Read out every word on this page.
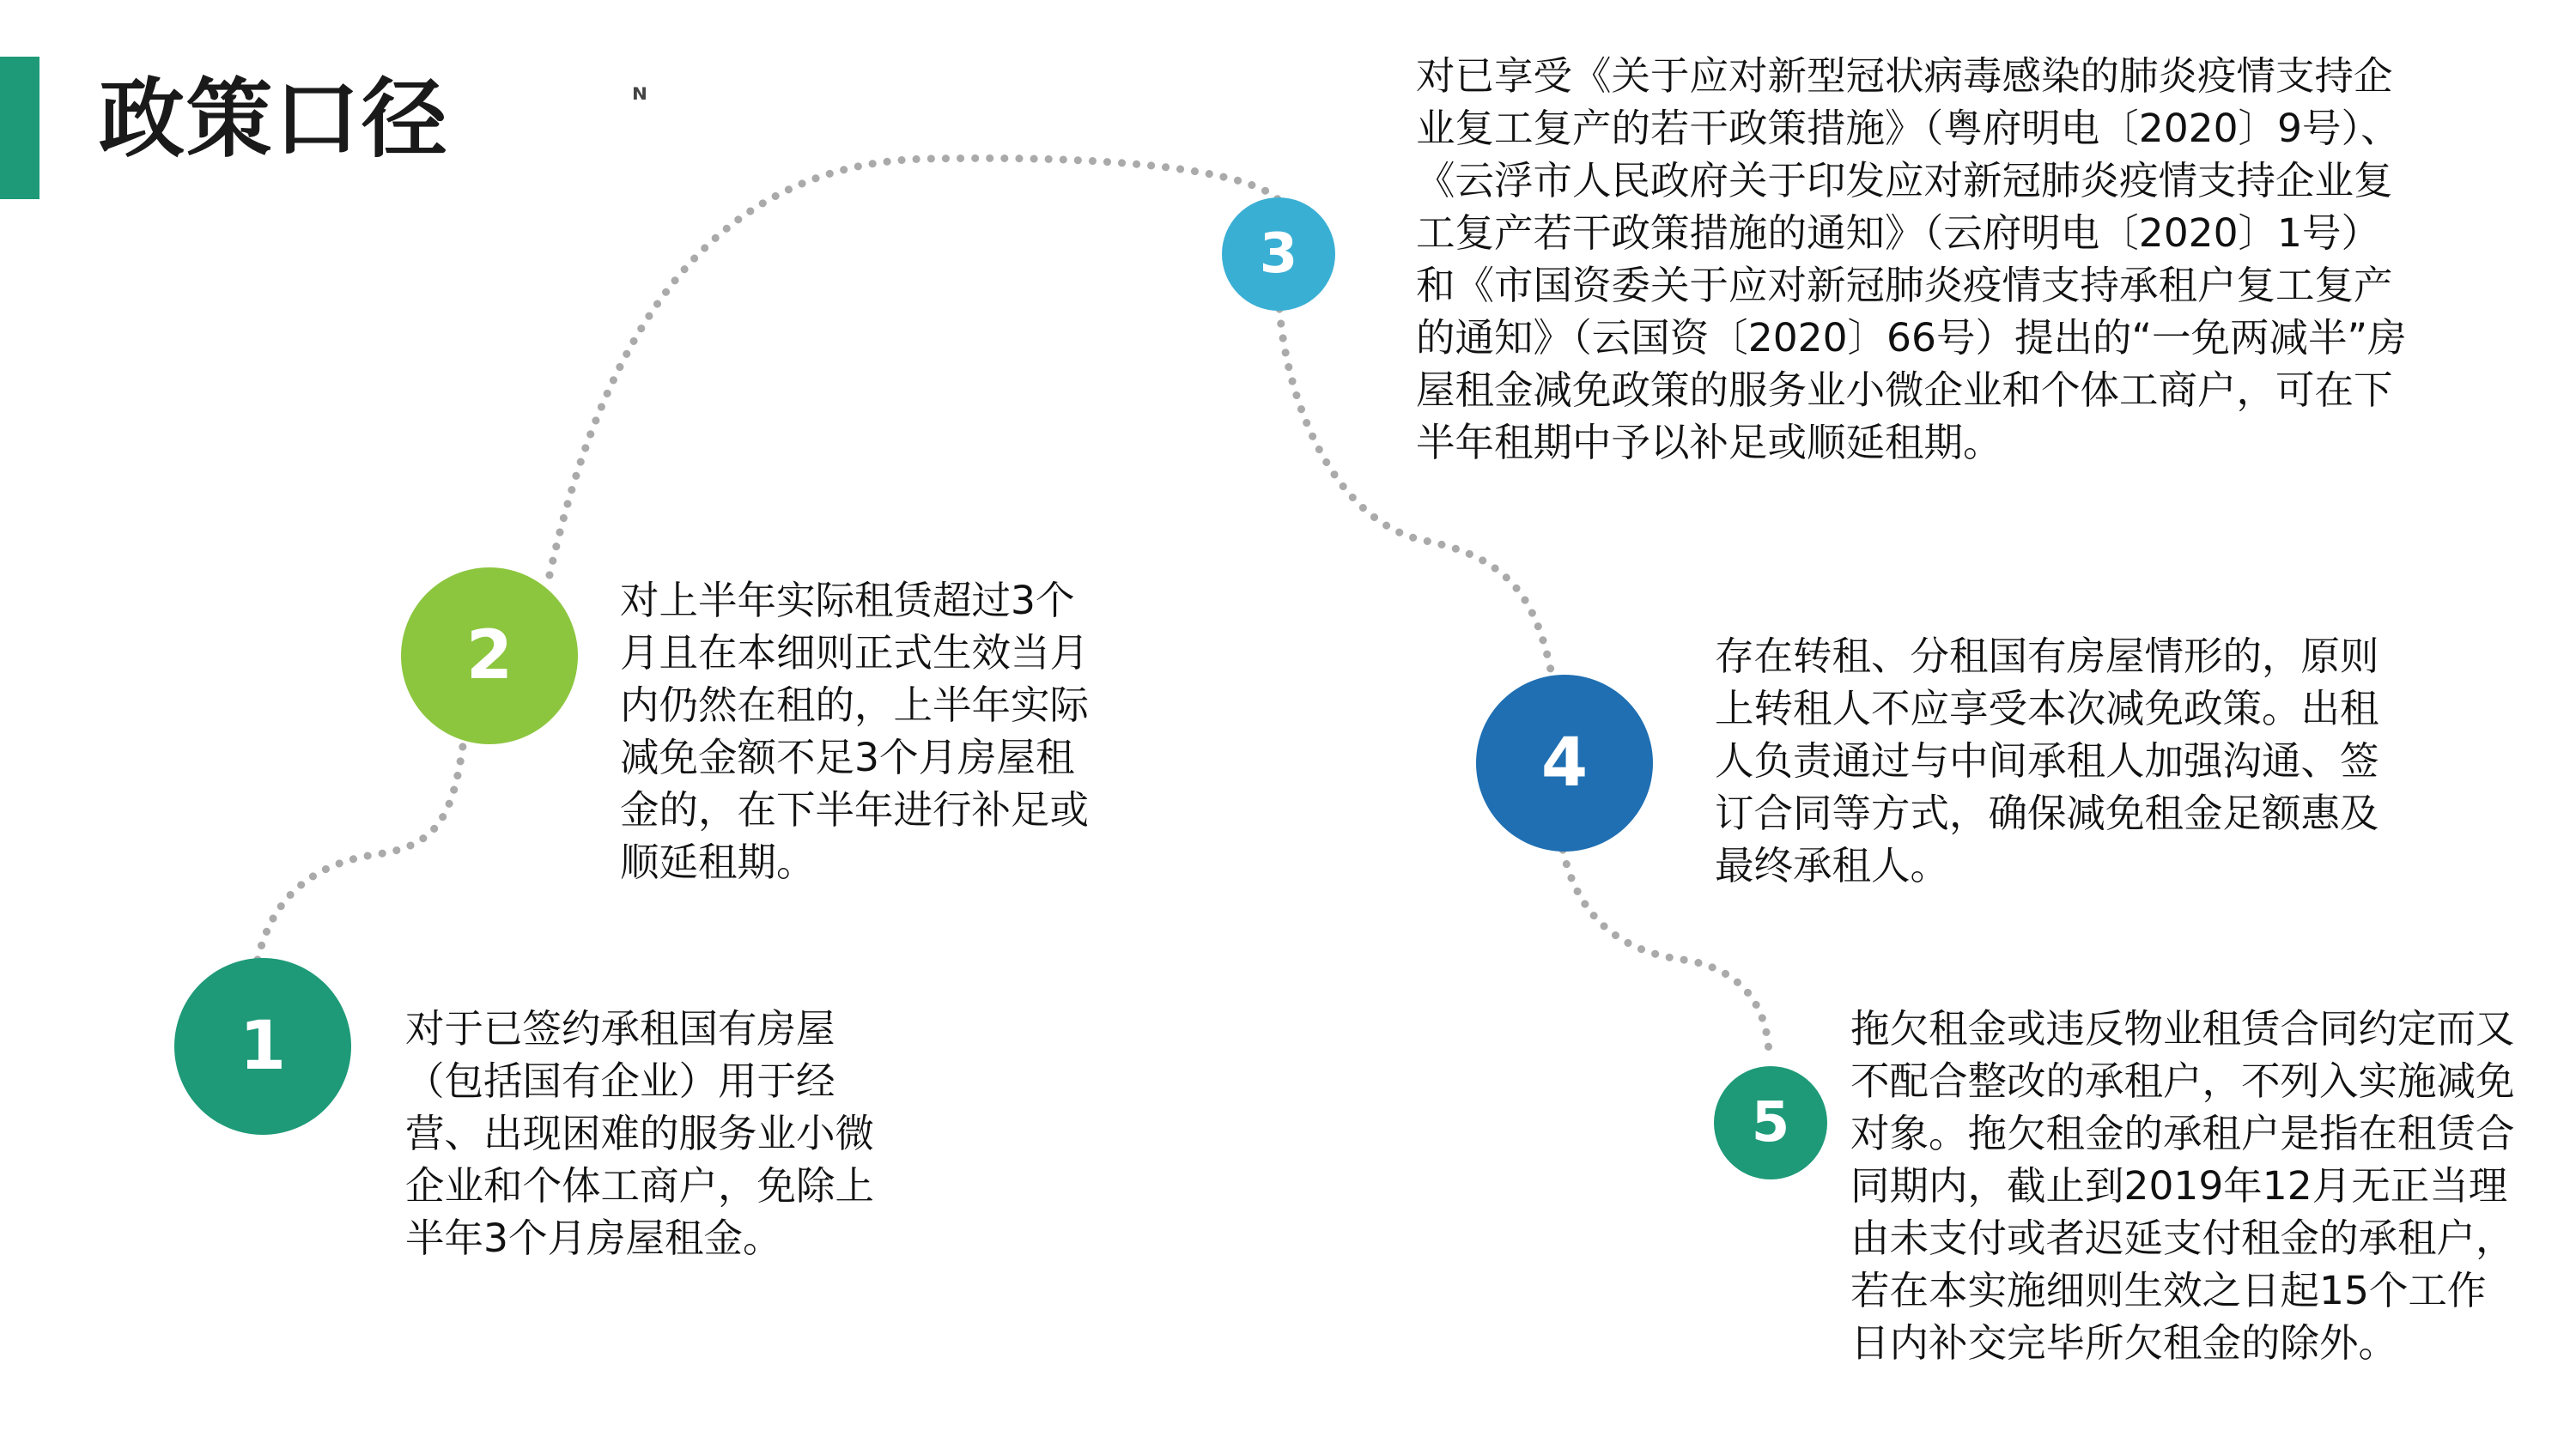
政策口径	ᴺ
1	对于已签约承租国有房屋（包括国有企业）用于经营、出现困难的服务业小微企业和个体工商户，免除上半年3个月房屋租金。
2
对上半年实际租赁超过3个月且在本细则正式生效当月内仍然在租的，上半年实际减免金额不足3个月房屋租金的，在下半年进行补足或顺延租期。
3
对已享受《关于应对新型冠状病毒感染的肺炎疫情支持企业复工复产的若干政策措施》（粤府明电〔2020〕9号）、《云浮市人民政府关于印发应对新冠肺炎疫情支持企业复工复产若干政策措施的通知》（云府明电〔2020〕1号）和《市国资委关于应对新冠肺炎疫情支持承租户复工复产的通知》（云国资〔2020〕66号）提出的“一免两减半”房屋租金减免政策的服务业小微企业和个体工商户，可在下半年租期中予以补足或顺延租期。
4
存在转租、分租国有房屋情形的，原则上转租人不应享受本次减免政策。出租人负责通过与中间承租人加强沟通、签订合同等方式，确保减免租金足额惠及最终承租人。
5
拖欠租金或违反物业租赁合同约定而又不配合整改的承租户，不列入实施减免对象。拖欠租金的承租户是指在租赁合同期内，截止到2019年12月无正当理由未支付或者迟延支付租金的承租户，若在本实施细则生效之日起15个工作日内补交完毕所欠租金的除外。
